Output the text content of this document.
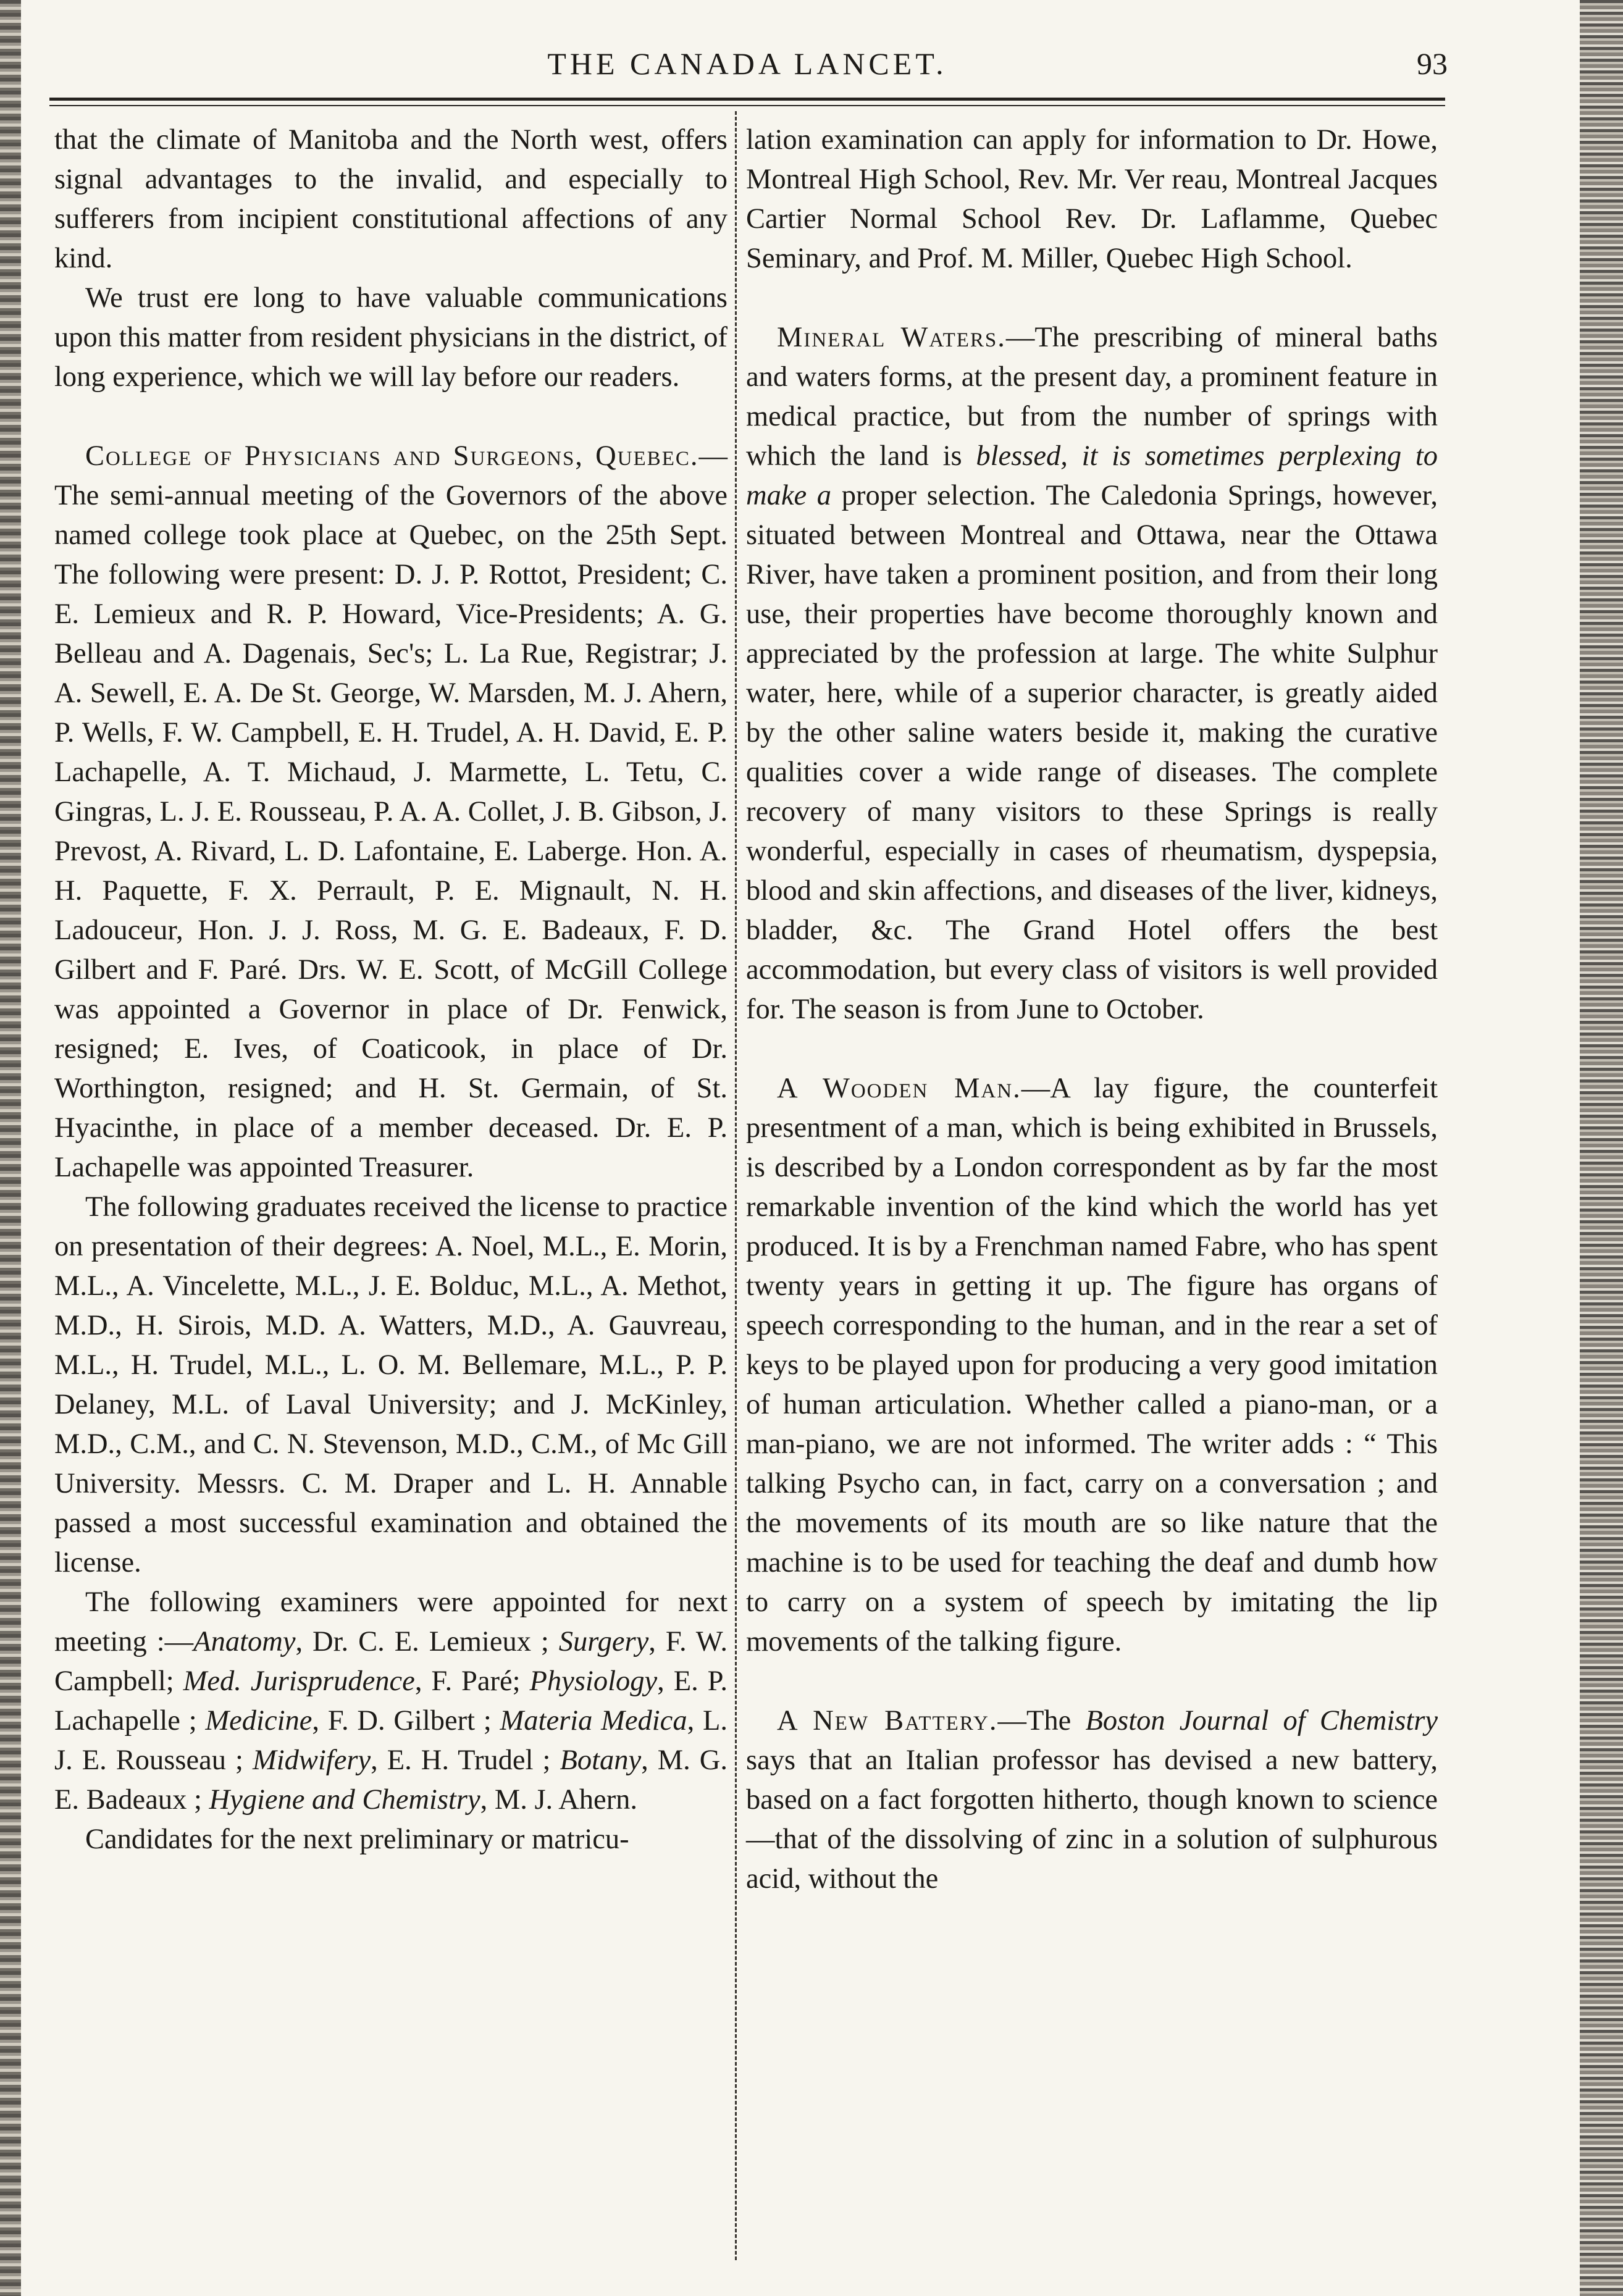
THE CANADA LANCET.	93

that the climate of Manitoba and the North west, offers signal advantages to the invalid, and especially to sufferers from incipient constitutional affections of any kind.

We trust ere long to have valuable communications upon this matter from resident physicians in the district, of long experience, which we will lay before our readers.

College of Physicians and Surgeons, Quebec.—The semi-annual meeting of the Governors of the above named college took place at Quebec, on the 25th Sept. The following were present: D. J. P. Rottot, President; C. E. Lemieux and R. P. Howard, Vice-Presidents; A. G. Belleau and A. Dagenais, Sec's; L. La Rue, Registrar; J. A. Sewell, E. A. De St. George, W. Marsden, M. J. Ahern, P. Wells, F. W. Campbell, E. H. Trudel, A. H. David, E. P. Lachapelle, A. T. Michaud, J. Marmette, L. Tetu, C. Gingras, L. J. E. Rousseau, P. A. A. Collet, J. B. Gibson, J. Prevost, A. Rivard, L. D. Lafontaine, E. Laberge. Hon. A. H. Paquette, F. X. Perrault, P. E. Mignault, N. H. Ladouceur, Hon. J. J. Ross, M. G. E. Badeaux, F. D. Gilbert and F. Paré. Drs. W. E. Scott, of McGill College was appointed a Governor in place of Dr. Fenwick, resigned; E. Ives, of Coaticook, in place of Dr. Worthington, resigned; and H. St. Germain, of St. Hyacinthe, in place of a member deceased. Dr. E. P. Lachapelle was appointed Treasurer.

The following graduates received the license to practice on presentation of their degrees: A. Noel, M.L., E. Morin, M.L., A. Vincelette, M.L., J. E. Bolduc, M.L., A. Methot, M.D., H. Sirois, M.D. A. Watters, M.D., A. Gauvreau, M.L., H. Trudel, M.L., L. O. M. Bellemare, M.L., P. P. Delaney, M.L. of Laval University; and J. McKinley, M.D., C.M., and C. N. Stevenson, M.D., C.M., of Mc Gill University. Messrs. C. M. Draper and L. H. Annable passed a most successful examination and obtained the license.

The following examiners were appointed for next meeting :—Anatomy, Dr. C. E. Lemieux ; Surgery, F. W. Campbell; Med. Jurisprudence, F. Paré; Physiology, E. P. Lachapelle ; Medicine, F. D. Gilbert ; Materia Medica, L. J. E. Rousseau ; Midwifery, E. H. Trudel ; Botany, M. G. E. Badeaux ; Hygiene and Chemistry, M. J. Ahern.

Candidates for the next preliminary or matricu-

lation examination can apply for information to Dr. Howe, Montreal High School, Rev. Mr. Ver reau, Montreal Jacques Cartier Normal School Rev. Dr. Laflamme, Quebec Seminary, and Prof. M. Miller, Quebec High School.

Mineral Waters.—The prescribing of mineral baths and waters forms, at the present day, a prominent feature in medical practice, but from the number of springs with which the land is blessed, it is sometimes perplexing to make a proper selection. The Caledonia Springs, however, situated between Montreal and Ottawa, near the Ottawa River, have taken a prominent position, and from their long use, their properties have become thoroughly known and appreciated by the profession at large. The white Sulphur water, here, while of a superior character, is greatly aided by the other saline waters beside it, making the curative qualities cover a wide range of diseases. The complete recovery of many visitors to these Springs is really wonderful, especially in cases of rheumatism, dyspepsia, blood and skin affections, and diseases of the liver, kidneys, bladder, &c. The Grand Hotel offers the best accommodation, but every class of visitors is well provided for. The season is from June to October.

A Wooden Man.—A lay figure, the counterfeit presentment of a man, which is being exhibited in Brussels, is described by a London correspondent as by far the most remarkable invention of the kind which the world has yet produced. It is by a Frenchman named Fabre, who has spent twenty years in getting it up. The figure has organs of speech corresponding to the human, and in the rear a set of keys to be played upon for producing a very good imitation of human articulation. Whether called a piano-man, or a man-piano, we are not informed. The writer adds : “ This talking Psycho can, in fact, carry on a conversation ; and the movements of its mouth are so like nature that the machine is to be used for teaching the deaf and dumb how to carry on a system of speech by imitating the lip movements of the talking figure.

A New Battery.—The Boston Journal of Chemistry says that an Italian professor has devised a new battery, based on a fact forgotten hitherto, though known to science—that of the dissolving of zinc in a solution of sulphurous acid, without the
